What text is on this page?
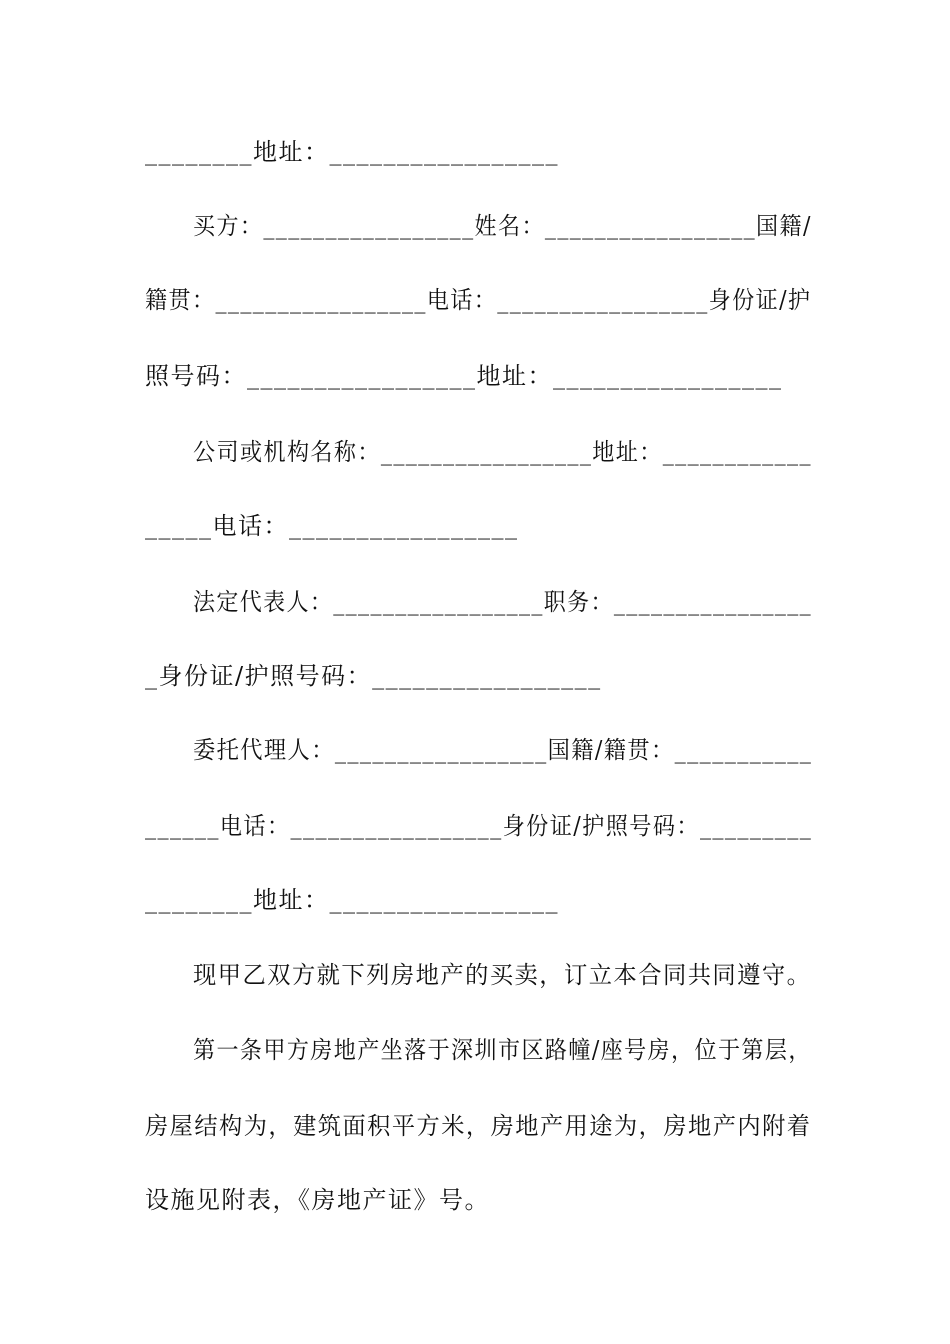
________地址：_________________
买方：_________________姓名：_________________国籍/
籍贯：_________________电话：_________________身份证/护
照号码：_________________地址：_________________
公司或机构名称：_________________地址：____________
_____电话：_________________
法定代表人：_________________职务：________________
_身份证/护照号码：_________________
委托代理人：_________________国籍/籍贯：___________
______电话：_________________身份证/护照号码：_________
________地址：_________________
现甲乙双方就下列房地产的买卖，订立本合同共同遵守。
第一条甲方房地产坐落于深圳市区路幢/座号房，位于第层，
房屋结构为，建筑面积平方米，房地产用途为，房地产内附着
设施见附表，《房地产证》号。
